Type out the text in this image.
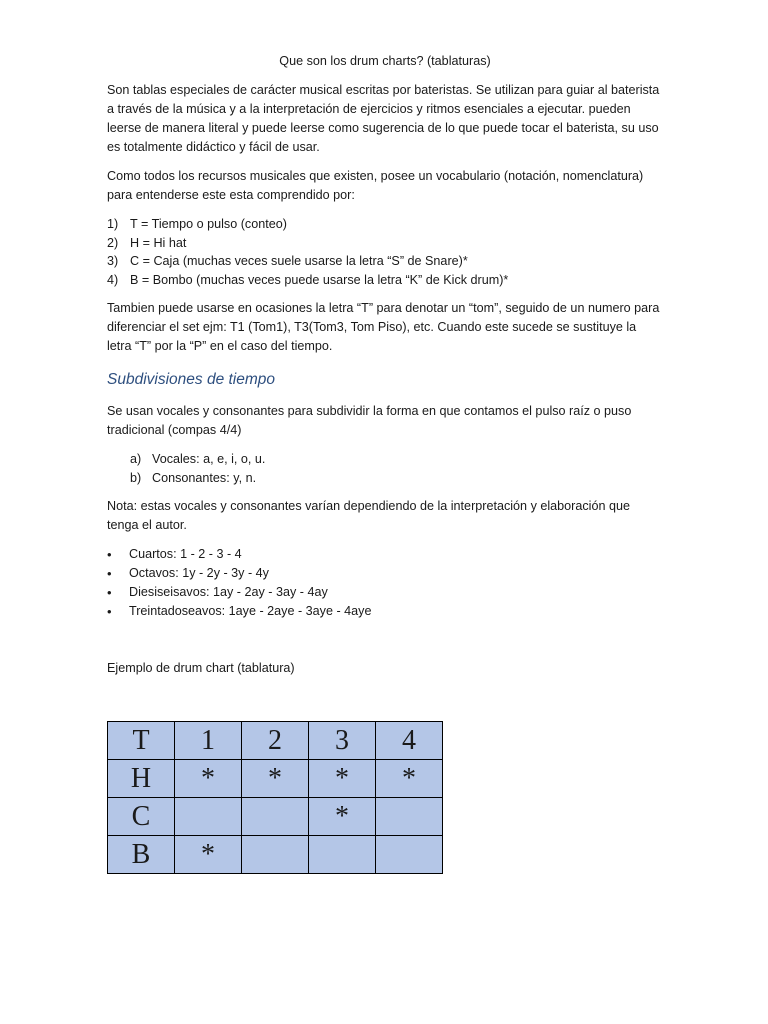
Que son los drum charts? (tablaturas)

Son tablas especiales de carácter musical escritas por bateristas. Se utilizan para guiar al baterista a través de la música y a la interpretación de ejercicios y ritmos esenciales a ejecutar. pueden leerse de manera literal y puede leerse como sugerencia de lo que puede tocar el baterista, su uso es totalmente didáctico y fácil de usar.

Como todos los recursos musicales que existen, posee un vocabulario (notación, nomenclatura) para entenderse este esta comprendido por:

1) T = Tiempo o pulso (conteo)
2) H = Hi hat
3) C = Caja (muchas veces suele usarse la letra “S” de Snare)*
4) B = Bombo (muchas veces puede usarse la letra “K” de Kick drum)*

Tambien puede usarse en ocasiones la letra “T” para denotar un “tom”, seguido de un numero para diferenciar el set ejm: T1 (Tom1), T3(Tom3, Tom Piso), etc. Cuando este sucede se sustituye la letra “T” por la “P” en el caso del tiempo.

Subdivisiones de tiempo

Se usan vocales y consonantes para subdividir la forma en que contamos el pulso raíz o puso tradicional (compas 4/4)

a) Vocales: a, e, i, o, u.
b) Consonantes: y, n.

Nota: estas vocales y consonantes varían dependiendo de la interpretación y elaboración que tenga el autor.

•	Cuartos: 1 - 2 - 3 - 4
•	Octavos: 1y - 2y - 3y - 4y
•	Diesiseisavos: 1ay - 2ay - 3ay - 4ay
•	Treintadoseavos: 1aye - 2aye - 3aye - 4aye

Ejemplo de drum chart (tablatura)

T	1	2	3	4
H	*	*	*	*
C			*	
B	*			
